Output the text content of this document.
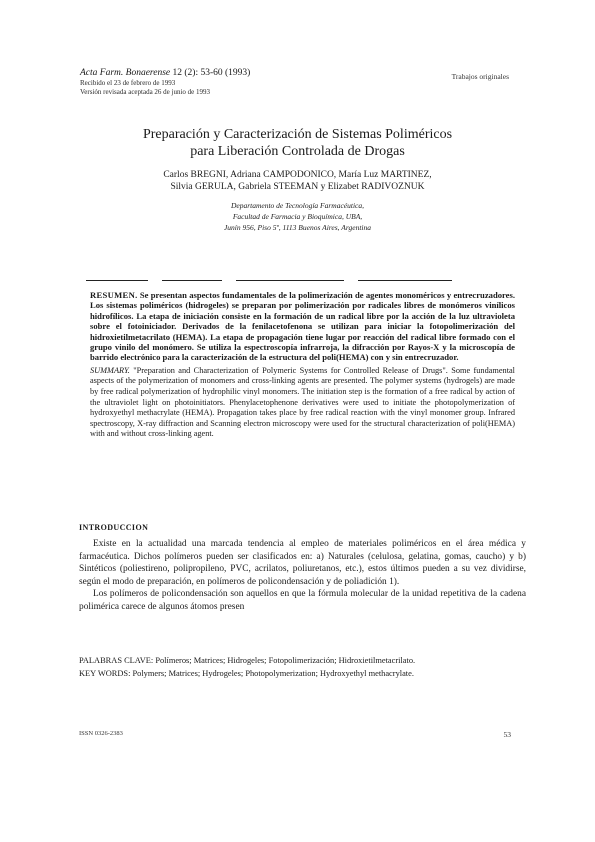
Acta Farm. Bonaerense 12 (2): 53-60 (1993)
Recibido el 23 de febrero de 1993
Versión revisada aceptada 26 de junio de 1993
Trabajos originales
Preparación y Caracterización de Sistemas Poliméricos
para Liberación Controlada de Drogas
Carlos BREGNI, Adriana CAMPODONICO, María Luz MARTINEZ,
Silvia GERULA, Gabriela STEEMAN y Elizabet RADIVOZNUK
Departamento de Tecnología Farmacéutica,
Facultad de Farmacia y Bioquímica, UBA,
Junín 956, Piso 5º, 1113 Buenos Aires, Argentina

RESUMEN. Se presentan aspectos fundamentales de la polimerización de agentes monoméricos y entrecruzadores. Los sistemas poliméricos (hidrogeles) se preparan por polimerización por radicales libres de monómeros vinílicos hidrofílicos. La etapa de iniciación consiste en la formación de un radical libre por la acción de la luz ultravioleta sobre el fotoiniciador. Derivados de la fenilacetofenona se utilizan para iniciar la fotopolimerización del hidroxietilmetacrilato (HEMA). La etapa de propagación tiene lugar por reacción del radical libre formado con el grupo vinilo del monómero. Se utiliza la espectroscopía infrarroja, la difracción por Rayos-X y la microscopía de barrido electrónico para la caracterización de la estructura del poli(HEMA) con y sin entrecruzador.

SUMMARY. "Preparation and Characterization of Polymeric Systems for Controlled Release of Drugs". Some fundamental aspects of the polymerization of monomers and cross-linking agents are presented. The polymer systems (hydrogels) are made by free radical polymerization of hydrophilic vinyl monomers. The initiation step is the formation of a free radical by action of the ultraviolet light on photoinitiators. Phenylacetophenone derivatives were used to initiate the photopolymerization of hydroxyethyl methacrylate (HEMA). Propagation takes place by free radical reaction with the vinyl monomer group. Infrared spectroscopy, X-ray diffraction and Scanning electron microscopy were used for the structural characterization of poli(HEMA) with and without cross-linking agent.

INTRODUCCION

Existe en la actualidad una marcada tendencia al empleo de materiales poliméricos en el área médica y farmacéutica. Dichos polímeros pueden ser clasificados en: a) Naturales (celulosa, gelatina, gomas, caucho) y b) Sintéticos (poliestireno, polipropileno, PVC, acrilatos, poliuretanos, etc.), estos últimos pueden a su vez dividirse, según el modo de preparación, en polímeros de policondensación y de poliadición 1).

Los polímeros de policondensación son aquellos en que la fórmula molecular de la unidad repetitiva de la cadena polimérica carece de algunos átomos presen

PALABRAS CLAVE: Polímeros; Matrices; Hidrogeles; Fotopolimerización; Hidroxietilmetacrilato.

KEY WORDS: Polymers; Matrices; Hydrogeles; Photopolymerization; Hydroxyethyl methacrylate.

ISSN 0326-2383	53
